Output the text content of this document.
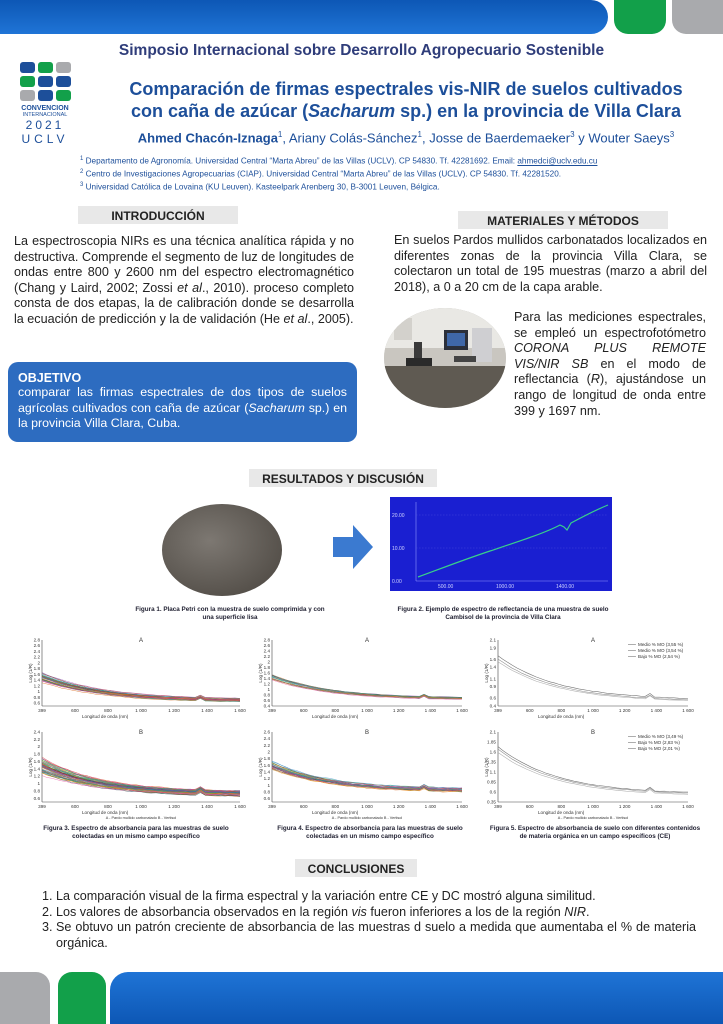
CONVENCION
INTERNACIONAL
2021
UCLV
Simposio Internacional sobre Desarrollo Agropecuario Sostenible
Comparación de firmas espectrales vis-NIR de suelos cultivados
con caña de azúcar (Sacharum sp.) en la provincia de Villa Clara
Ahmed Chacón-Iznaga$^1$, Ariany Colás-Sánchez$^1$, Josse de Baerdemaeker$^3$ y Wouter Saeys$^3$
$^1$ Departamento de Agronomía. Universidad Central “Marta Abreu” de las Villas (UCLV). CP 54830. Tf. 42281692. Email: ahmedci@uclv.edu.cu
$^2$ Centro de Investigaciones Agropecuarias (CIAP). Universidad Central “Marta Abreu” de las Villas (UCLV). CP 54830. Tf. 42281520.
$^3$ Universidad Católica de Lovaina (KU Leuven). Kasteelpark Arenberg 30, B-3001 Leuven, Bélgica.
INTRODUCCIÓN
La espectroscopia NIRs es una técnica analítica rápida y no destructiva. Comprende el segmento de luz de longitudes de ondas entre 800 y 2600 nm del espectro electromagnético (Chang y Laird, 2002; Zossi et al., 2010). proceso completo consta de dos etapas, la de calibración donde se desarrolla la ecuación de predicción y la de validación (He et al., 2005).
OBJETIVO
comparar las firmas espectrales de dos tipos de suelos agrícolas cultivados con caña de azúcar (Sacharum sp.) en la provincia Villa Clara, Cuba.
MATERIALES Y MÉTODOS
En suelos Pardos mullidos carbonatados localizados en diferentes zonas de la provincia Villa Clara, se colectaron un total de 195 muestras (marzo a abril del 2018), a 0 a 20 cm de la capa arable.
Para las mediciones espectrales, se empleó un espectrofotómetro CORONA PLUS REMOTE VIS/NIR SB en el modo de reflectancia (R), ajustándose un rango de longitud de onda entre 399 y 1697 nm.
RESULTADOS Y DISCUSIÓN
20.00
10.00
0.00
500.00	1000.00	1400.00
Figura 1. Placa Petri con la muestra de suelo comprimida y con una superficie lisa
Figura 2. Ejemplo de espectro de reflectancia de una muestra de suelo Cambisol de la provincia de Villa Clara
A
0.6
0.8
1
1.2
1.4
1.6
1.8
2
2.2
2.4
2.6
2.8
399	600	800	1 000	1 200	1 400	1 600
Longitud de onda (nm)
Log (1/R)
B
0.6
0.8
1
1.2
1.4
1.6
1.8
2
2.2
2.4
399	600	800	1 000	1 200	1 400	1 600
Longitud de onda (nm)
Log (1/R)
A - Pardo mullido carbonatado B - Vertisol
A
0.4
0.6
0.8
1
1.2
1.4
1.6
1.8
2
2.2
2.4
2.6
2.8
399	600	800	1 000	1 200	1 400	1 600
Longitud de onda (nm)
Log (1/R)
B
0.6
0.8
1
1.2
1.4
1.6
1.8
2
2.2
2.4
2.6
399	600	800	1 000	1 200	1 400	1 600
Longitud de onda (nm)
Log (1/R)
A - Pardo mullido carbonatado B - Vertisol
A
0.4
0.6
0.9
1.1
1.4
1.6
1.9
2.1
399	600	800	1 000	1 200	1 400	1 600
Longitud de onda (nm)
Log (1/R)
Medio % MO (3,55 %)
Medio % MO (3,54 %)
Bajo % MO (2,54 %)
B
0.35
0.6
0.85
1.1
1.35
1.6
1.85
2.1
399	600	800	1 000	1 200	1 400	1 600
Longitud de onda (nm)
Log (1/R)
A - Pardo mullido carbonatado B - Vertisol
Medio % MO (3,49 %)
Bajo % MO (2,83 %)
Bajo % MO (2,01 %)
Figura 3. Espectro de absorbancia para las muestras de suelo colectadas en un mismo campo específico
Figura 4. Espectro de absorbancia para las muestras de suelo colectadas en un mismo campo específico
Figura 5. Espectro de absorbancia de suelo con diferentes contenidos de materia orgánica en un campo específicos (CE)
CONCLUSIONES
1. La comparación visual de la firma espectral y la variación entre CE y DC mostró alguna similitud.
2. Los valores de absorbancia observados en la región vis fueron inferiores a los de la región NIR.
3. Se obtuvo un patrón creciente de absorbancia de las muestras d suelo a medida que aumentaba el % de materia orgánica.
